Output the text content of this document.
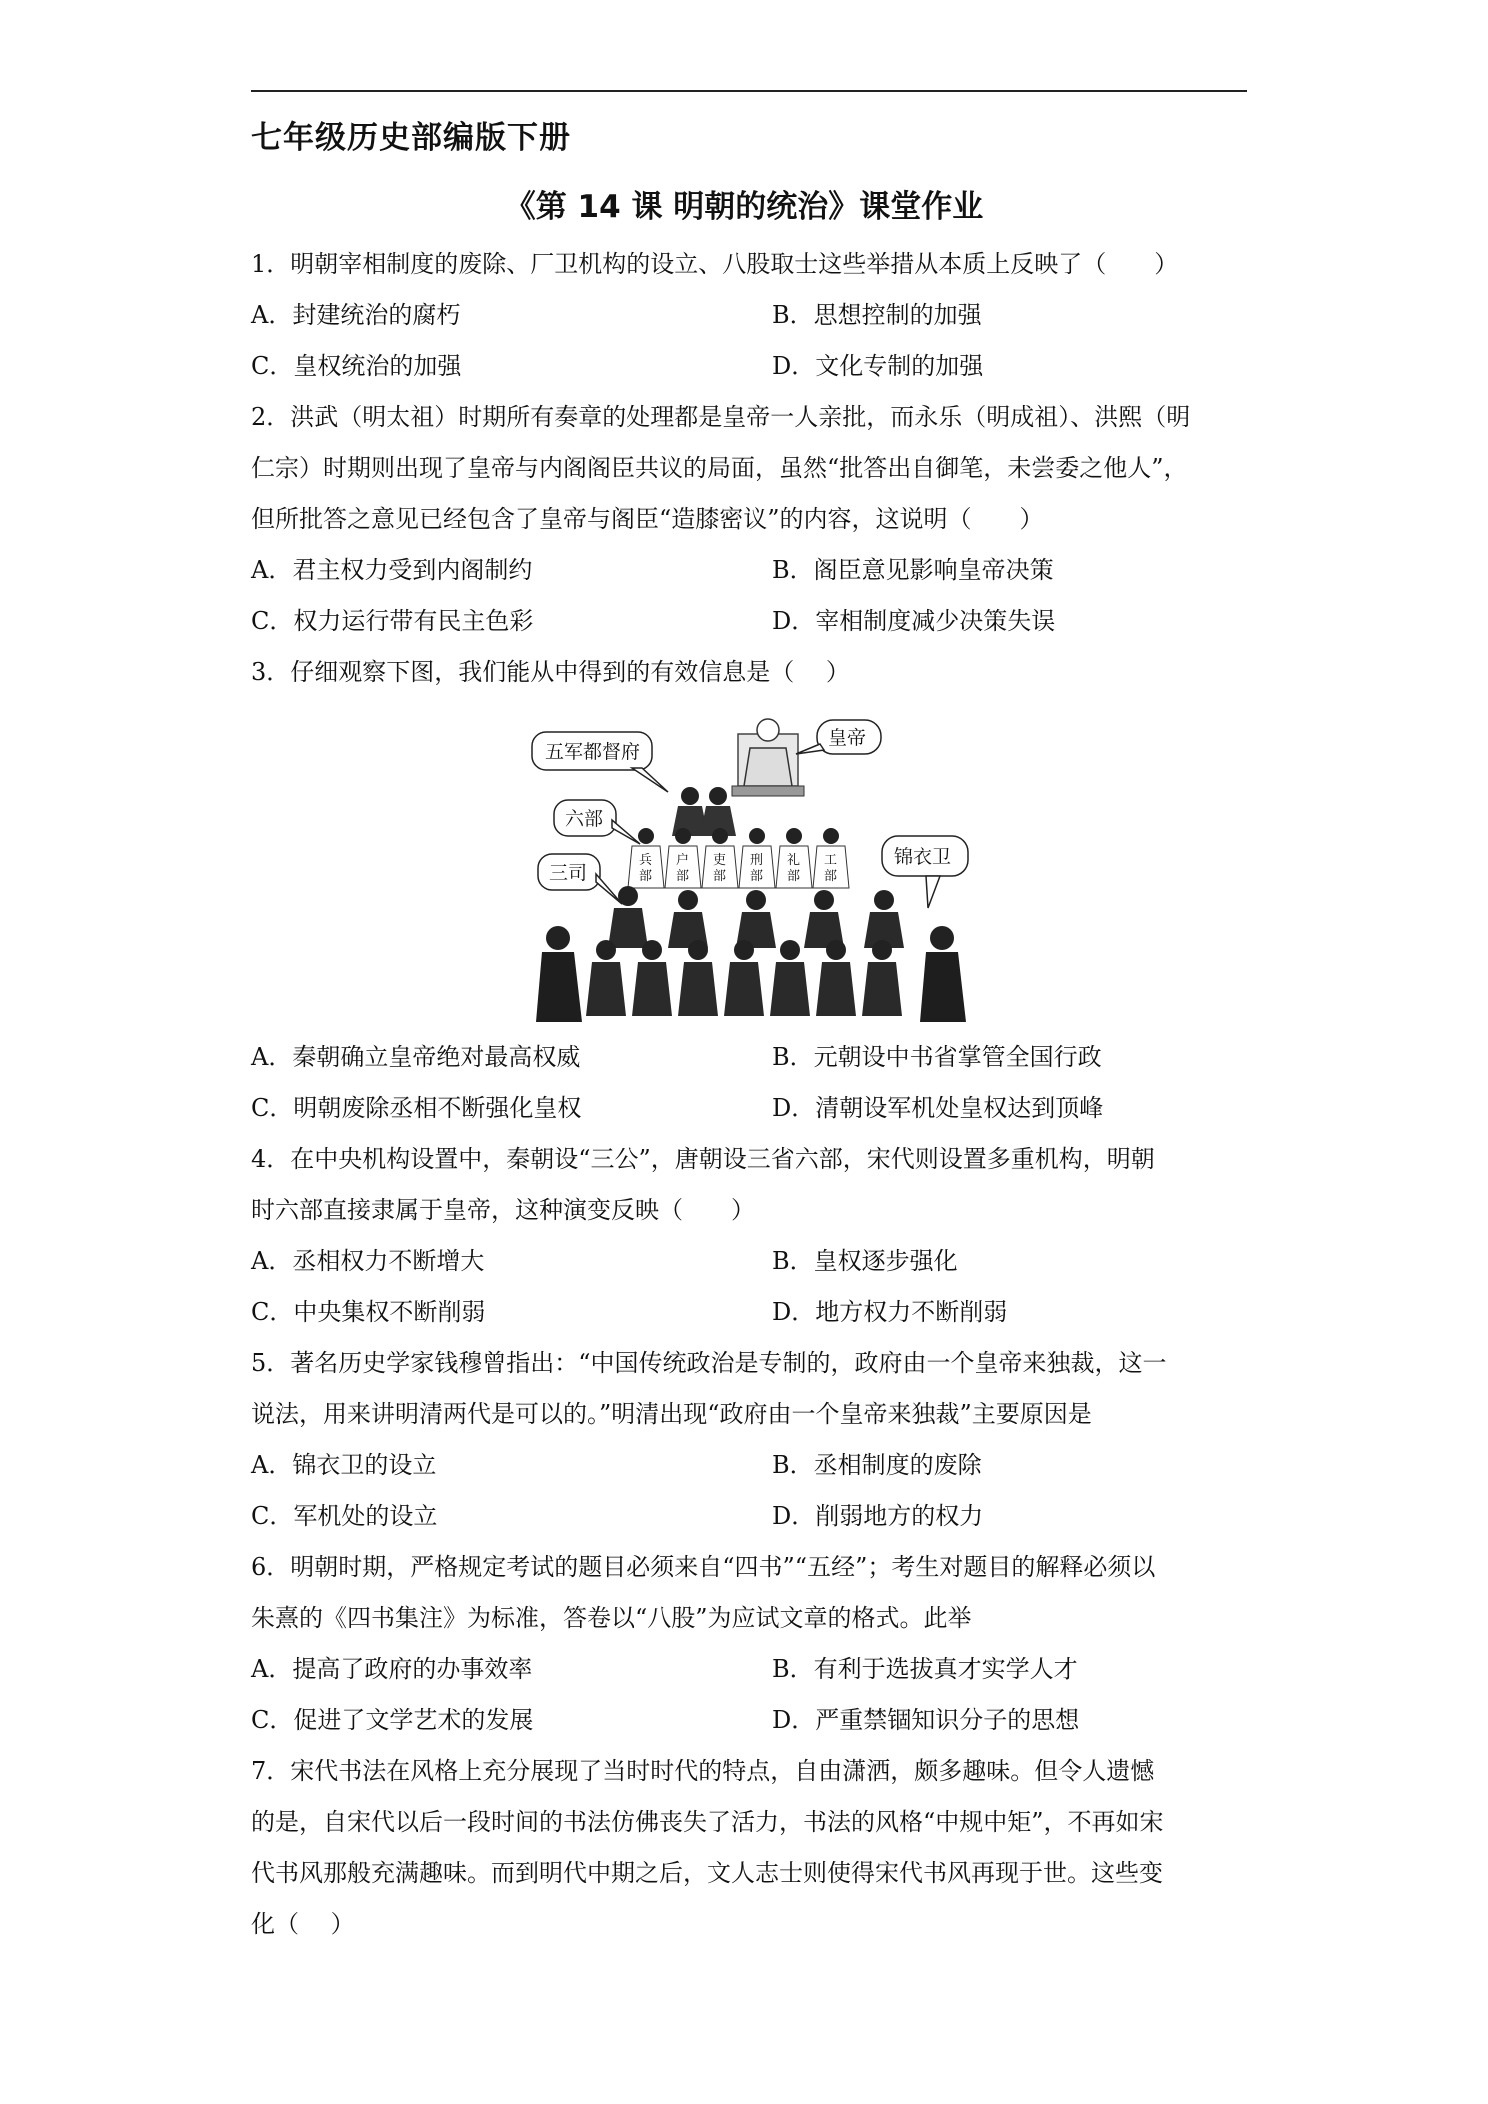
七年级历史部编版下册
《第 14 课 明朝的统治》课堂作业
1．明朝宰相制度的废除、厂卫机构的设立、八股取士这些举措从本质上反映了（　　）
A．封建统治的腐朽	B．思想控制的加强
C．皇权统治的加强	D．文化专制的加强
2．洪武（明太祖）时期所有奏章的处理都是皇帝一人亲批，而永乐（明成祖）、洪熙（明
仁宗）时期则出现了皇帝与内阁阁臣共议的局面，虽然“批答出自御笔，未尝委之他人”，
但所批答之意见已经包含了皇帝与阁臣“造膝密议”的内容，这说明（　　）
A．君主权力受到内阁制约	B．阁臣意见影响皇帝决策
C．权力运行带有民主色彩	D．宰相制度减少决策失误
3．仔细观察下图，我们能从中得到的有效信息是（　 ）
皇帝
五军都督府
六部
兵
部
户
部
吏
部
刑
部
礼
部
工
部
三司
锦衣卫
A．秦朝确立皇帝绝对最高权威	B．元朝设中书省掌管全国行政
C．明朝废除丞相不断强化皇权	D．清朝设军机处皇权达到顶峰
4．在中央机构设置中，秦朝设“三公”，唐朝设三省六部，宋代则设置多重机构，明朝
时六部直接隶属于皇帝，这种演变反映（　　）
A．丞相权力不断增大	B．皇权逐步强化
C．中央集权不断削弱	D．地方权力不断削弱
5．著名历史学家钱穆曾指出：“中国传统政治是专制的，政府由一个皇帝来独裁，这一
说法，用来讲明清两代是可以的。”明清出现“政府由一个皇帝来独裁”主要原因是
A．锦衣卫的设立	B．丞相制度的废除
C．军机处的设立	D．削弱地方的权力
6．明朝时期，严格规定考试的题目必须来自“四书”“五经”；考生对题目的解释必须以
朱熹的《四书集注》为标准，答卷以“八股”为应试文章的格式。此举
A．提高了政府的办事效率	B．有利于选拔真才实学人才
C．促进了文学艺术的发展	D．严重禁锢知识分子的思想
7．宋代书法在风格上充分展现了当时时代的特点，自由潇洒，颇多趣味。但令人遗憾
的是，自宋代以后一段时间的书法仿佛丧失了活力，书法的风格“中规中矩”，不再如宋
代书风那般充满趣味。而到明代中期之后，文人志士则使得宋代书风再现于世。这些变
化（　 ）
